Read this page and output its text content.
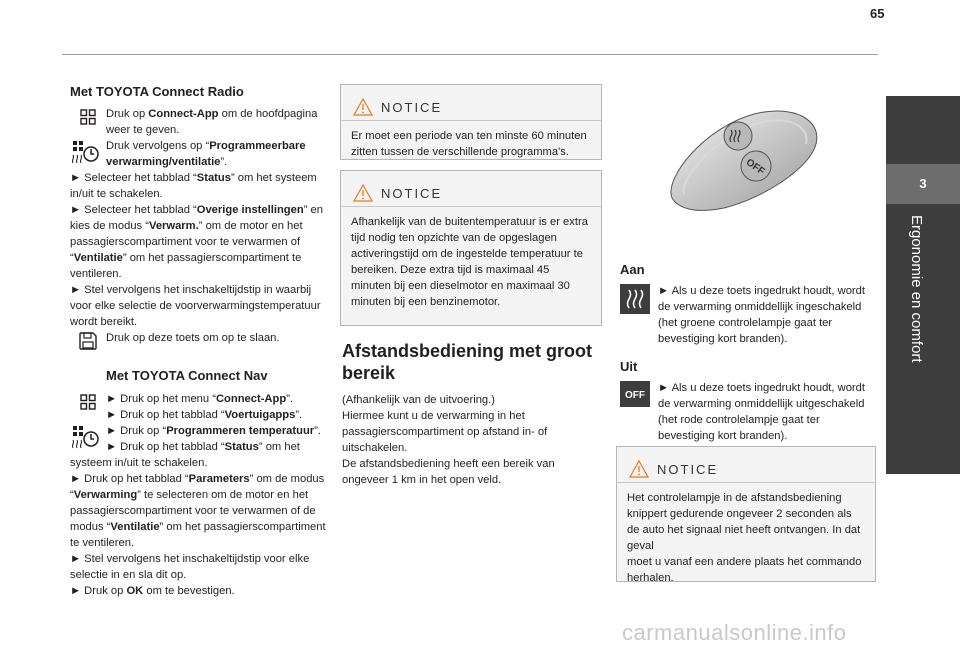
65
3
Ergonomie en comfort
Met TOYOTA Connect Radio
Druk op Connect-App om de hoofdpagina weer te geven.
Druk vervolgens op “Programmeerbare verwarming/ventilatie”.
► Selecteer het tabblad “Status” om het systeem in/uit te schakelen.
► Selecteer het tabblad “Overige instellingen” en kies de modus “Verwarm.” om de motor en het passagierscompartiment voor te verwarmen of “Ventilatie” om het passagierscompartiment te ventileren.
► Stel vervolgens het inschakeltijdstip in waarbij voor elke selectie de voorverwarmingstemperatuur wordt bereikt.
Druk op deze toets om op te slaan.
Met TOYOTA Connect Nav
► Druk op het menu “Connect-App”.
► Druk op het tabblad “Voertuigapps”.
► Druk op “Programmeren temperatuur”.
► Druk op het tabblad “Status” om het systeem in/uit te schakelen.
► Druk op het tabblad “Parameters” om de modus “Verwarming” te selecteren om de motor en het passagierscompartiment voor te verwarmen of de modus “Ventilatie” om het passagierscompartiment te ventileren.
► Stel vervolgens het inschakeltijdstip voor elke selectie in en sla dit op.
► Druk op OK om te bevestigen.
NOTICE
Er moet een periode van ten minste 60 minuten zitten tussen de verschillende programma's.
NOTICE
Afhankelijk van de buitentemperatuur is er extra tijd nodig ten opzichte van de opgeslagen activeringstijd om de ingestelde temperatuur te bereiken. Deze extra tijd is maximaal 45 minuten bij een dieselmotor en maximaal 30 minuten bij een benzinemotor.
Afstandsbediening met groot bereik
(Afhankelijk van de uitvoering.)
Hiermee kunt u de verwarming in het passagierscompartiment op afstand in- of uitschakelen.
De afstandsbediening heeft een bereik van ongeveer 1 km in het open veld.
OFF
Aan
► Als u deze toets ingedrukt houdt, wordt de verwarming onmiddellijk ingeschakeld (het groene controlelampje gaat ter bevestiging kort branden).
Uit
OFF
► Als u deze toets ingedrukt houdt, wordt de verwarming onmiddellijk uitgeschakeld (het rode controlelampje gaat ter bevestiging kort branden).
NOTICE
Het controlelampje in de afstandsbediening knippert gedurende ongeveer 2 seconden als de auto het signaal niet heeft ontvangen. In dat geval
moet u vanaf een andere plaats het commando herhalen.
carmanualsonline.info
